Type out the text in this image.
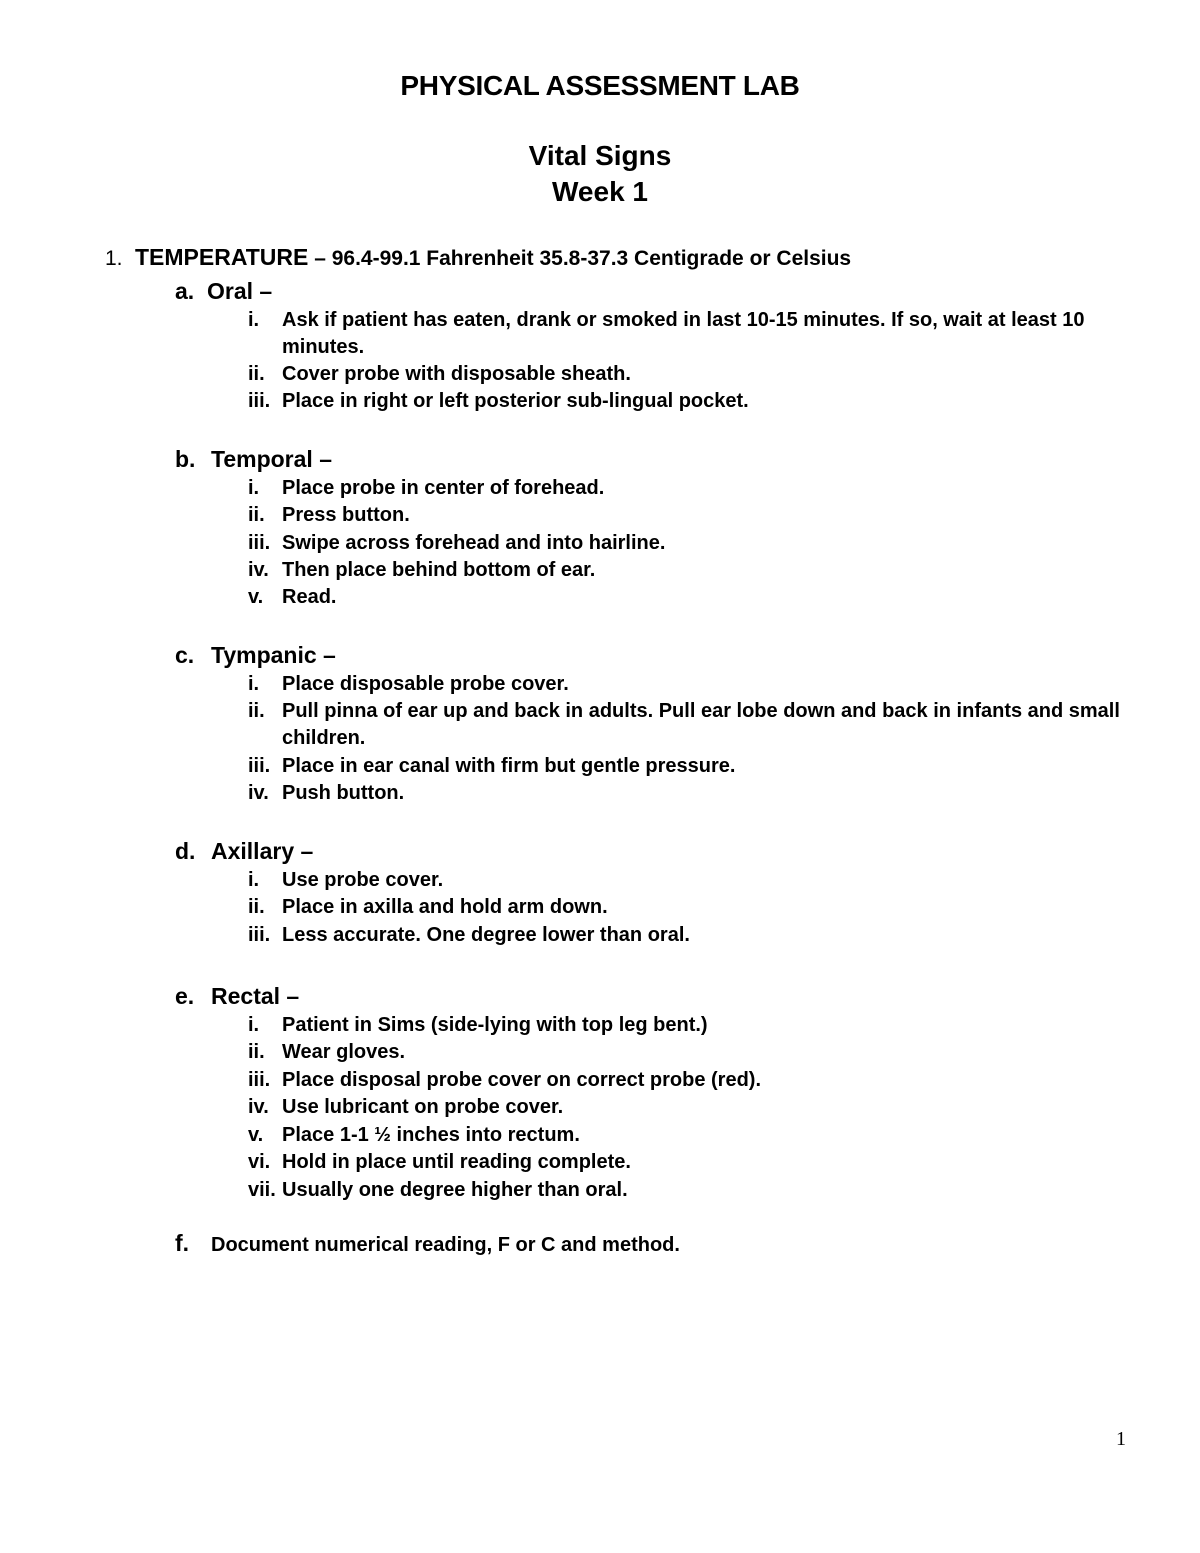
PHYSICAL ASSESSMENT LAB
Vital Signs
Week 1
1. TEMPERATURE – 96.4-99.1 Fahrenheit 35.8-37.3 Centigrade or Celsius
a. Oral –
i.	Ask if patient has eaten, drank or smoked in last 10-15 minutes. If so, wait at least 10 minutes.
ii. Cover probe with disposable sheath.
iii. Place in right or left posterior sub-lingual pocket.
b. Temporal –
i.	Place probe in center of forehead.
ii. Press button.
iii. Swipe across forehead and into hairline.
iv. Then place behind bottom of ear.
v. Read.
c. Tympanic –
i.	Place disposable probe cover.
ii. Pull pinna of ear up and back in adults. Pull ear lobe down and back in infants and small children.
iii. Place in ear canal with firm but gentle pressure.
iv. Push button.
d. Axillary –
i.	Use probe cover.
ii. Place in axilla and hold arm down.
iii. Less accurate. One degree lower than oral.
e. Rectal –
i.	Patient in Sims (side-lying with top leg bent.)
ii. Wear gloves.
iii. Place disposal probe cover on correct probe (red).
iv. Use lubricant on probe cover.
v. Place 1-1 ½ inches into rectum.
vi. Hold in place until reading complete.
vii. Usually one degree higher than oral.
f. Document numerical reading, F or C and method.
1
